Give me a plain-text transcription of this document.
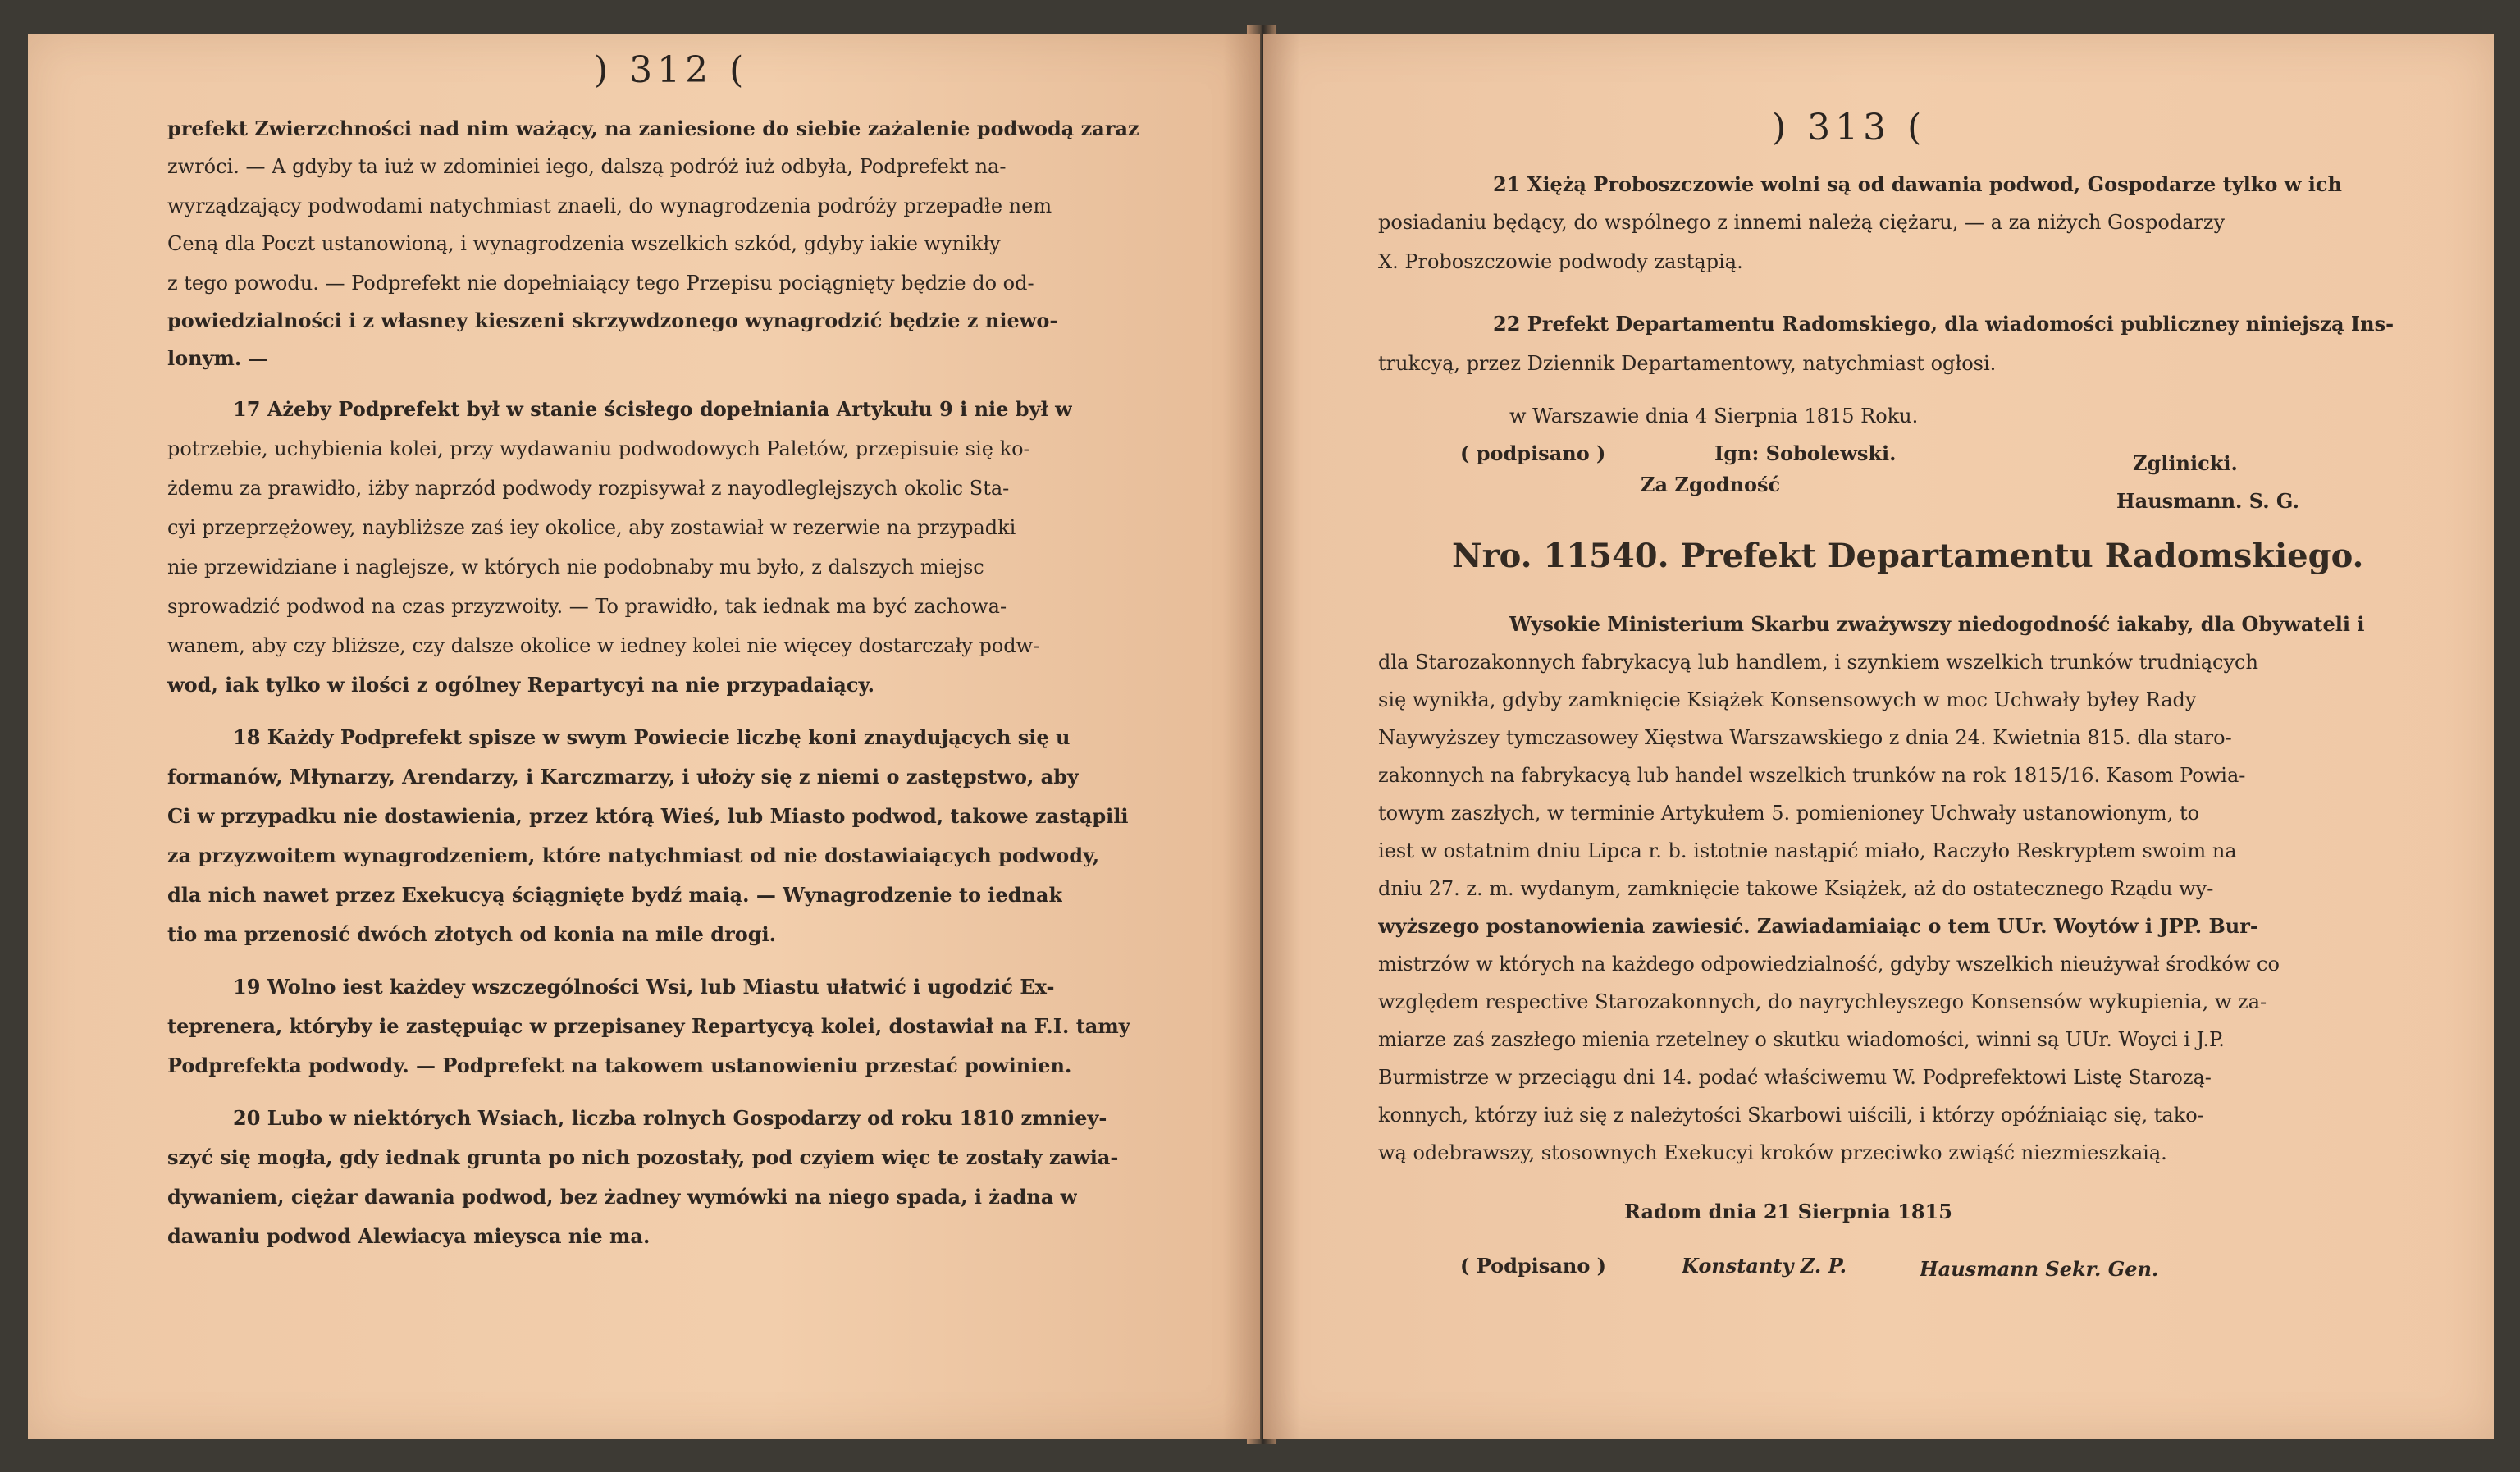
) 312 (
prefekt Zwierzchności nad nim ważący, na zaniesione do siebie zażalenie podwodą zaraz
zwróci. — A gdyby ta iuż w zdominiei iego, dalszą podróż iuż odbyła, Podprefekt na-
wyrządzający podwodami natychmiast znaeli, do wynagrodzenia podróży przepadłe nem
Ceną dla Poczt ustanowioną, i wynagrodzenia wszelkich szkód, gdyby iakie wynikły
z tego powodu. — Podprefekt nie dopełniaiący tego Przepisu pociągnięty będzie do od-
powiedzialności i z własney kieszeni skrzywdzonego wynagrodzić będzie z niewo-
lonym. —
17 Ażeby Podprefekt był w stanie ścisłego dopełniania Artykułu 9 i nie był w
potrzebie, uchybienia kolei, przy wydawaniu podwodowych Paletów, przepisuie się ko-
żdemu za prawidło, iżby naprzód podwody rozpisywał z nayodleglejszych okolic Sta-
cyi przeprzężowey, naybliższe zaś iey okolice, aby zostawiał w rezerwie na przypadki
nie przewidziane i naglejsze, w których nie podobnaby mu było, z dalszych miejsc
sprowadzić podwod na czas przyzwoity. — To prawidło, tak iednak ma być zachowa-
wanem, aby czy bliższe, czy dalsze okolice w iedney kolei nie więcey dostarczały podw-
wod, iak tylko w ilości z ogólney Repartycyi na nie przypadaiący.
18 Każdy Podprefekt spisze w swym Powiecie liczbę koni znaydujących się u
formanów, Młynarzy, Arendarzy, i Karczmarzy, i ułoży się z niemi o zastępstwo, aby
Ci w przypadku nie dostawienia, przez którą Wieś, lub Miasto podwod, takowe zastąpili
za przyzwoitem wynagrodzeniem, które natychmiast od nie dostawiaiących podwody,
dla nich nawet przez Exekucyą ściągnięte bydź maią. — Wynagrodzenie to iednak
tio ma przenosić dwóch złotych od konia na mile drogi.
19 Wolno iest każdey wszczególności Wsi, lub Miastu ułatwić i ugodzić Ex-
teprenera, któryby ie zastępuiąc w przepisaney Repartycyą kolei, dostawiał na F.I. tamy
Podprefekta podwody. — Podprefekt na takowem ustanowieniu przestać powinien.
20 Lubo w niektórych Wsiach, liczba rolnych Gospodarzy od roku 1810 zmniey-
szyć się mogła, gdy iednak grunta po nich pozostały, pod czyiem więc te zostały zawia-
dywaniem, ciężar dawania podwod, bez żadney wymówki na niego spada, i żadna w
dawaniu podwod Alewiacya mieysca nie ma.
) 313 (
21 Xiężą Proboszczowie wolni są od dawania podwod, Gospodarze tylko w ich
posiadaniu będący, do wspólnego z innemi należą ciężaru, — a za niżych Gospodarzy
X. Proboszczowie podwody zastąpią.
22 Prefekt Departamentu Radomskiego, dla wiadomości publiczney niniejszą Ins-
trukcyą, przez Dziennik Departamentowy, natychmiast ogłosi.
w Warszawie dnia 4 Sierpnia 1815 Roku.
( podpisano )	Ign: Sobolewski.	Zglinicki.
Za Zgodność
Hausmann. S. G.
Nro. 11540. Prefekt Departamentu Radomskiego.
Wysokie Ministerium Skarbu zważywszy niedogodność iakaby, dla Obywateli i
dla Starozakonnych fabrykacyą lub handlem, i szynkiem wszelkich trunków trudniących
się wynikła, gdyby zamknięcie Książek Konsensowych w moc Uchwały byłey Rady
Naywyższey tymczasowey Xięstwa Warszawskiego z dnia 24. Kwietnia 815. dla staro-
zakonnych na fabrykacyą lub handel wszelkich trunków na rok 1815/16. Kasom Powia-
towym zaszłych, w terminie Artykułem 5. pomienioney Uchwały ustanowionym, to
iest w ostatnim dniu Lipca r. b. istotnie nastąpić miało, Raczyło Reskryptem swoim na
dniu 27. z. m. wydanym, zamknięcie takowe Książek, aż do ostatecznego Rządu wy-
wyższego postanowienia zawiesić. Zawiadamiaiąc o tem UUr. Woytów i JPP. Bur-
mistrzów w których na każdego odpowiedzialność, gdyby wszelkich nieużywał środków co
względem respective Starozakonnych, do nayrychleyszego Konsensów wykupienia, w za-
miarze zaś zaszłego mienia rzetelney o skutku wiadomości, winni są UUr. Woyci i J.P.
Burmistrze w przeciągu dni 14. podać właściwemu W. Podprefektowi Listę Starozą-
konnych, którzy iuż się z należytości Skarbowi uiścili, i którzy opóźniaiąc się, tako-
wą odebrawszy, stosownych Exekucyi kroków przeciwko zwiąść niezmieszkaią.
Radom dnia 21 Sierpnia 1815
( Podpisano )	Konstanty Z. P.	Hausmann Sekr. Gen.
